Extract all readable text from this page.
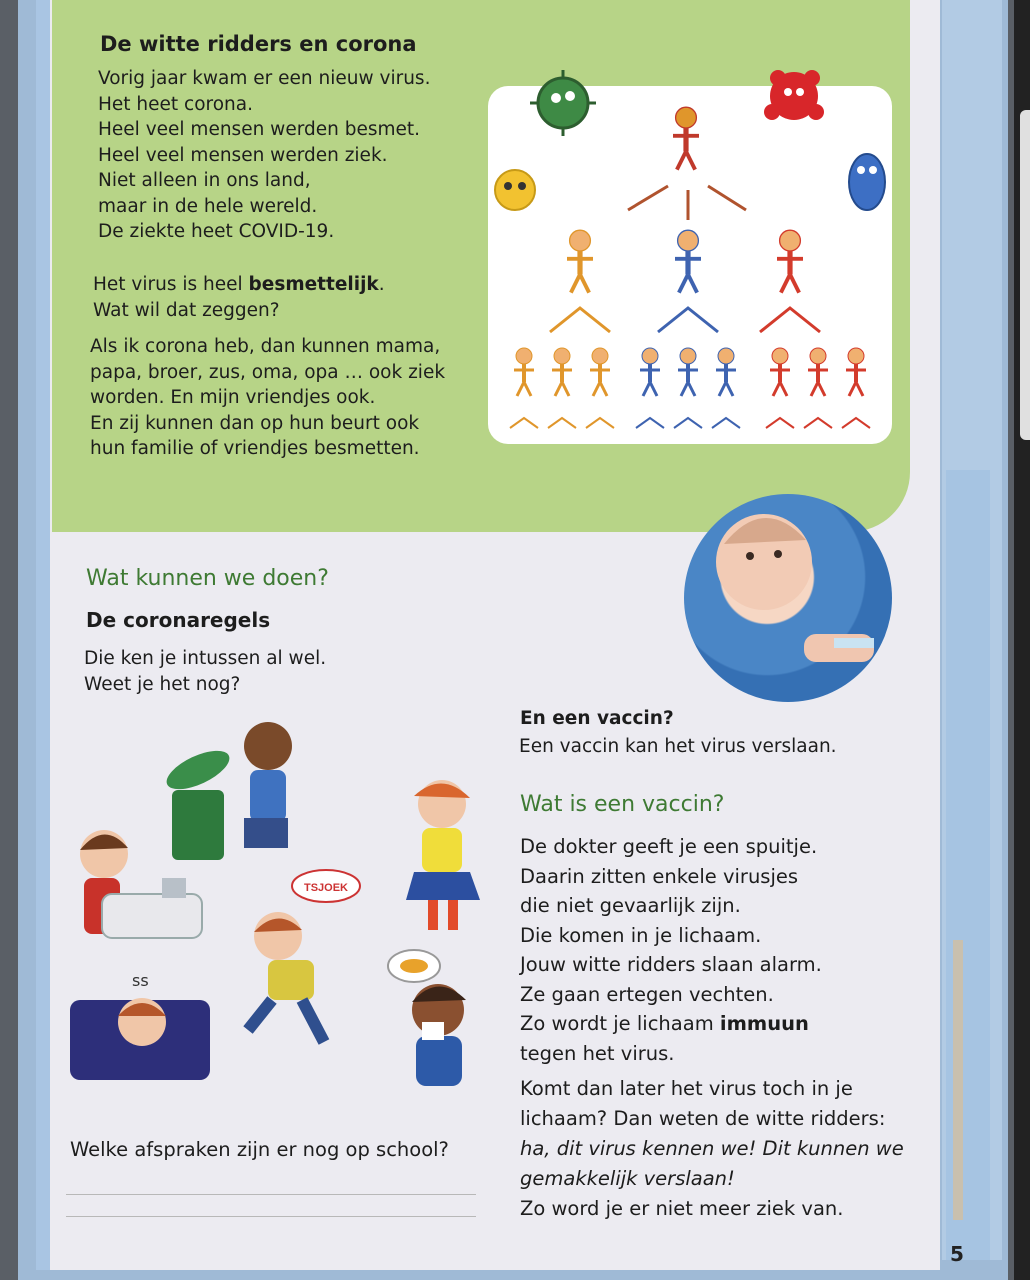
De witte ridders en corona
Vorig jaar kwam er een nieuw virus.
Het heet corona.
Heel veel mensen werden besmet.
Heel veel mensen werden ziek.
Niet alleen in ons land,
maar in de hele wereld.
De ziekte heet COVID-19.
Het virus is heel besmettelijk.
Wat wil dat zeggen?
Als ik corona heb, dan kunnen mama,
papa, broer, zus, oma, opa … ook ziek
worden. En mijn vriendjes ook.
En zij kunnen dan op hun beurt ook
hun familie of vriendjes besmetten.
Wat kunnen we doen?
De coronaregels
Die ken je intussen al wel.
Weet je het nog?
En een vaccin?
Een vaccin kan het virus verslaan.
Wat is een vaccin?
De dokter geeft je een spuitje.
Daarin zitten enkele virusjes
die niet gevaarlijk zijn.
Die komen in je lichaam.
Jouw witte ridders slaan alarm.
Ze gaan ertegen vechten.
Zo wordt je lichaam immuun
tegen het virus.
Komt dan later het virus toch in je
lichaam? Dan weten de witte ridders:
ha, dit virus kennen we! Dit kunnen we
gemakkelijk verslaan!
Zo word je er niet meer ziek van.
TSJOEK
ꜱꜱ
Welke afspraken zijn er nog op school?
5
